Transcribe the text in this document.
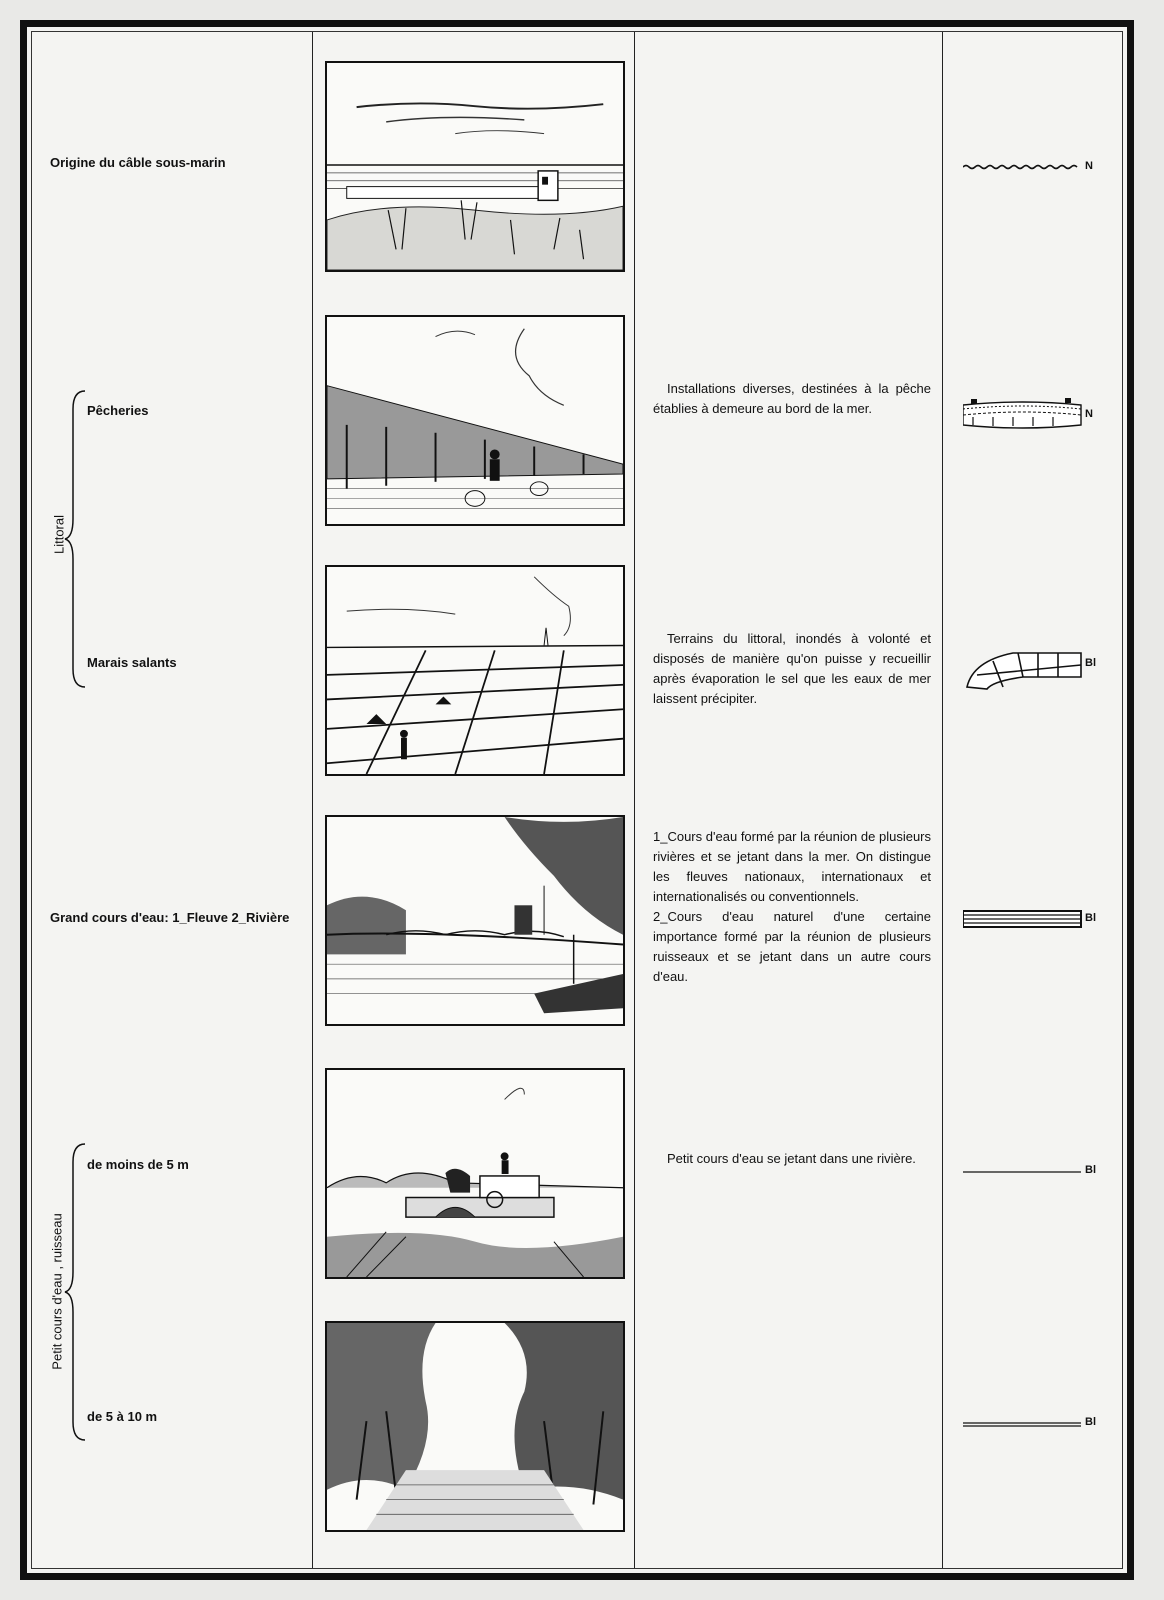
Littoral
Petit cours d'eau , ruisseau
Origine du câble sous-marin
Pêcheries
Marais salants
Grand cours d'eau: 1_Fleuve 2_Rivière
de moins de 5 m
de 5 à 10 m

Installations diverses, destinées à la pêche établies à demeure au bord de la mer.

Terrains du littoral, inondés à volonté et disposés de manière qu'on puisse y recueillir après évaporation le sel que les eaux de mer laissent précipiter.

1_Cours d'eau formé par la réunion de plusieurs rivières et se jetant dans la mer. On distingue les fleuves nationaux, internationaux et internationalisés ou conventionnels.

2_Cours d'eau naturel d'une certaine importance formé par la réunion de plusieurs ruisseaux et se jetant dans un autre cours d'eau.

Petit cours d'eau se jetant dans une rivière.

N
N
Bl
Bl
Bl
Bl
